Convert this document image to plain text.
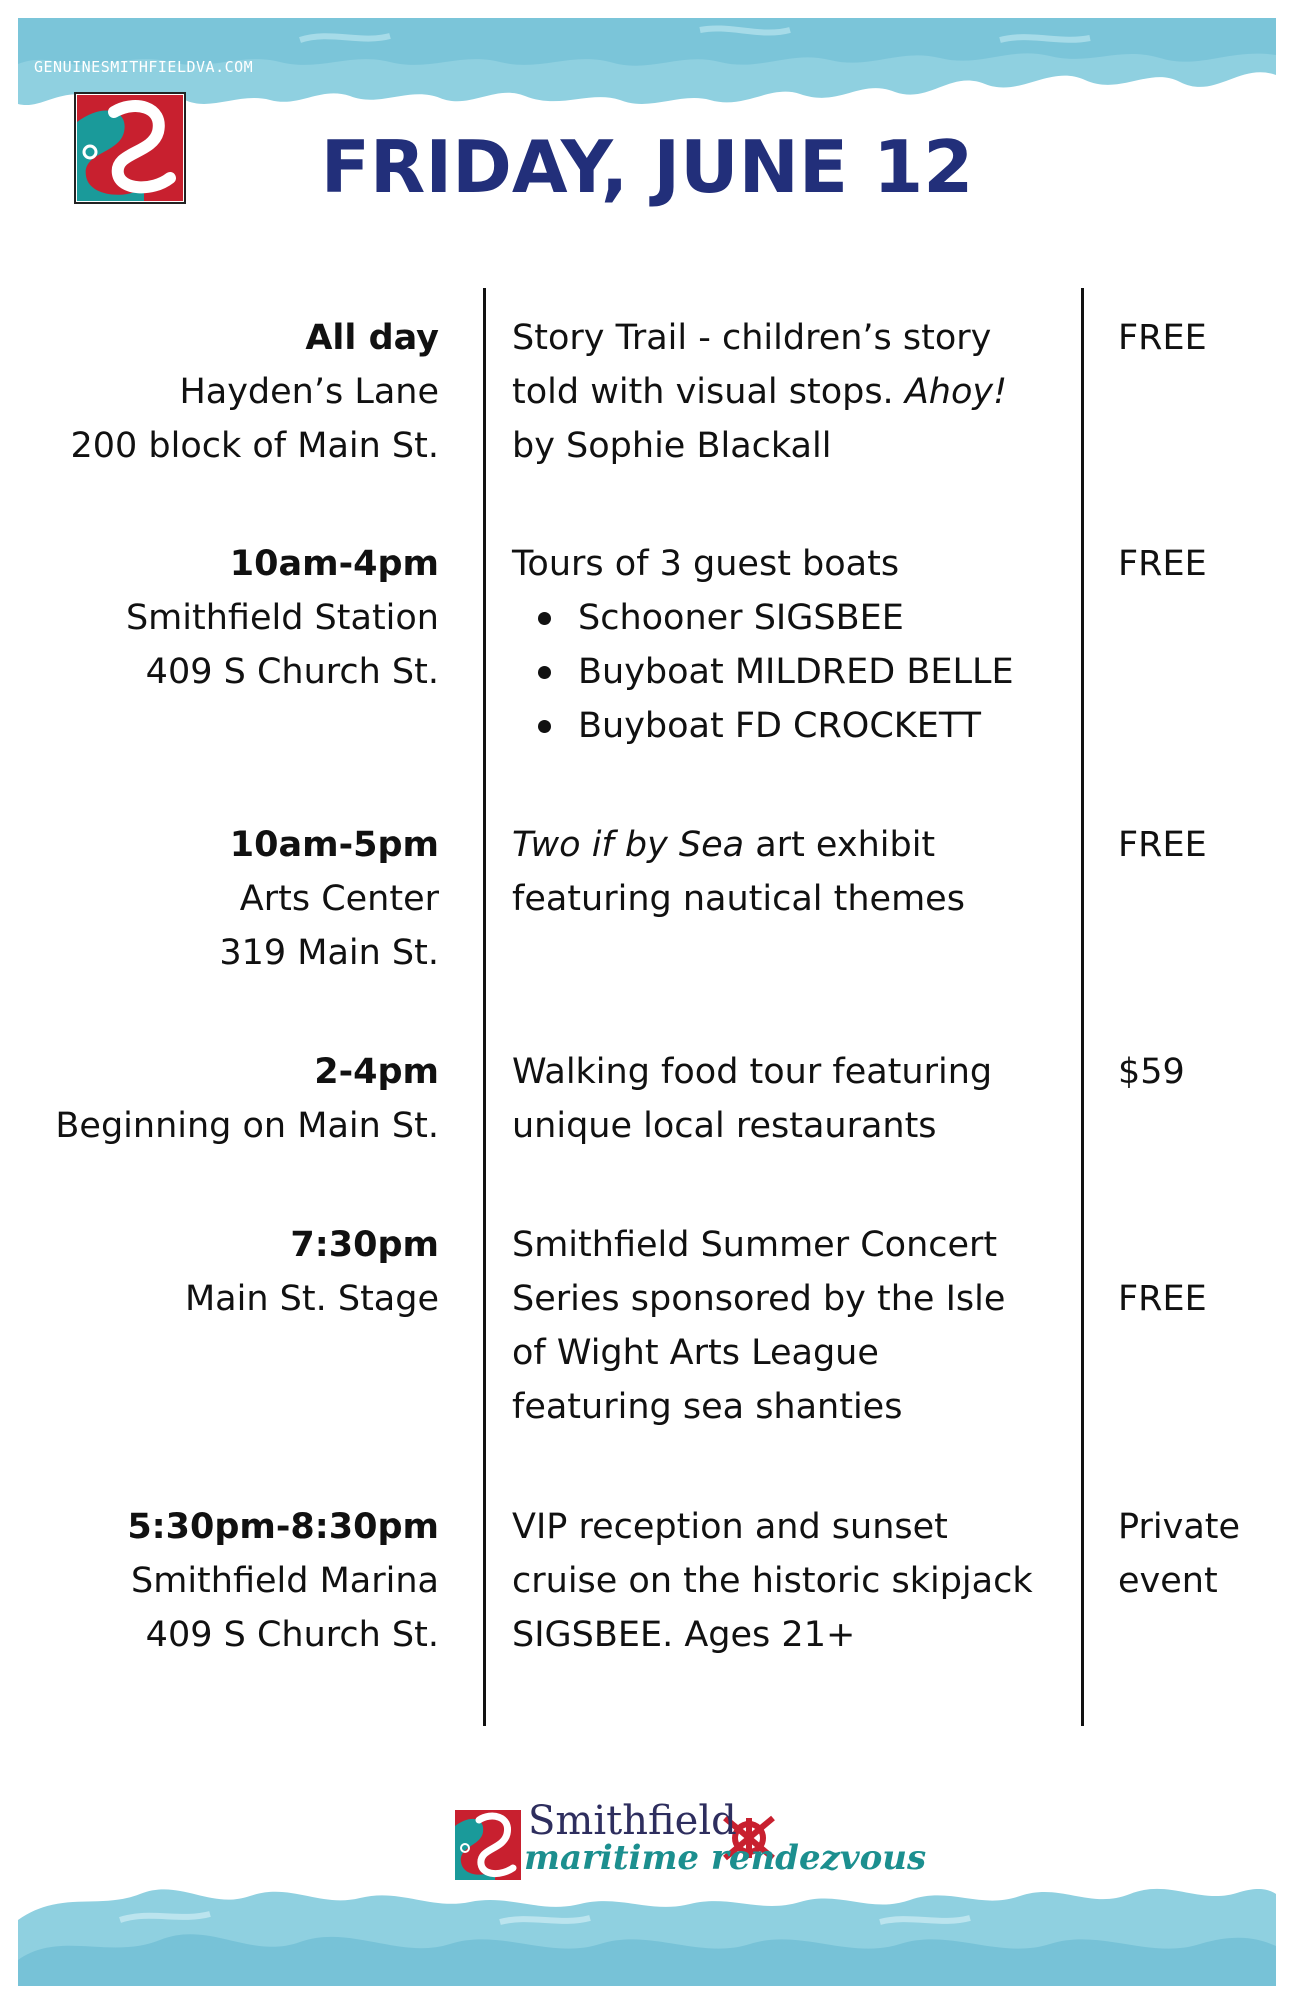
GENUINESMITHFIELDVA.COM
FRIDAY, JUNE 12
All day
Hayden’s Lane
200 block of Main St.
Story Trail - children’s story
told with visual stops. Ahoy!
by Sophie Blackall
FREE
10am-4pm
Smithfield Station
409 S Church St.
Tours of 3 guest boats
Schooner SIGSBEE
Buyboat MILDRED BELLE
Buyboat FD CROCKETT
FREE
10am-5pm
Arts Center
319 Main St.
Two if by Sea art exhibit
featuring nautical themes
FREE
2-4pm
Beginning on Main St.
Walking food tour featuring
unique local restaurants
$59
7:30pm
Main St. Stage
Smithfield Summer Concert
Series sponsored by the Isle
of Wight Arts League
featuring sea shanties
FREE
5:30pm-8:30pm
Smithfield Marina
409 S Church St.
VIP reception and sunset
cruise on the historic skipjack
SIGSBEE. Ages 21+
Private
event
Smithfield
maritime rendezvous
